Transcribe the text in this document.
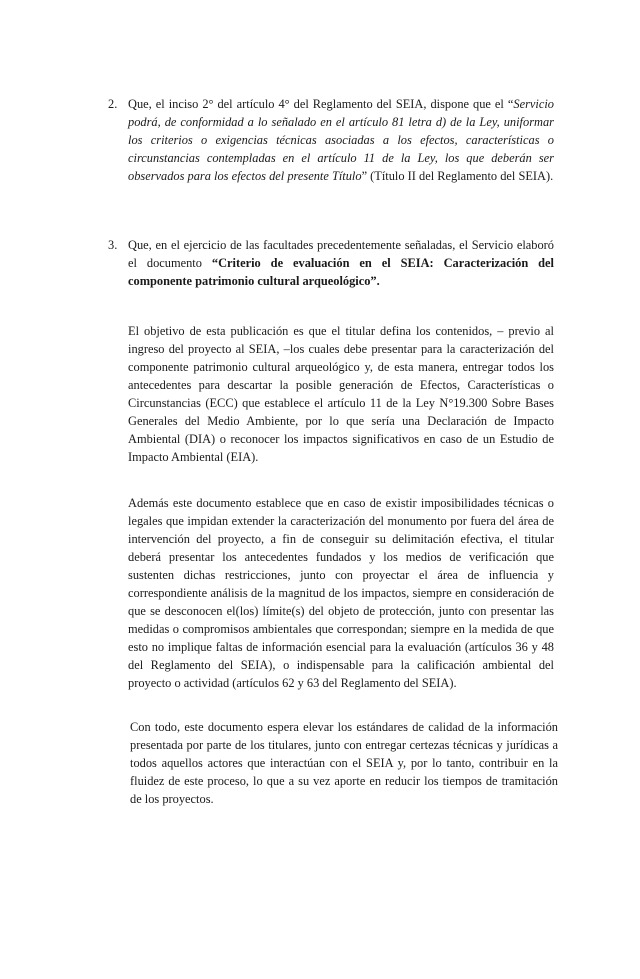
2. Que, el inciso 2° del artículo 4° del Reglamento del SEIA, dispone que el “Servicio podrá, de conformidad a lo señalado en el artículo 81 letra d) de la Ley, uniformar los criterios o exigencias técnicas asociadas a los efectos, características o circunstancias contempladas en el artículo 11 de la Ley, los que deberán ser observados para los efectos del presente Título” (Título II del Reglamento del SEIA).
3. Que, en el ejercicio de las facultades precedentemente señaladas, el Servicio elaboró el documento “Criterio de evaluación en el SEIA: Caracterización del componente patrimonio cultural arqueológico”.
El objetivo de esta publicación es que el titular defina los contenidos, – previo al ingreso del proyecto al SEIA, –los cuales debe presentar para la caracterización del componente patrimonio cultural arqueológico y, de esta manera, entregar todos los antecedentes para descartar la posible generación de Efectos, Características o Circunstancias (ECC) que establece el artículo 11 de la Ley N°19.300 Sobre Bases Generales del Medio Ambiente, por lo que sería una Declaración de Impacto Ambiental (DIA) o reconocer los impactos significativos en caso de un Estudio de Impacto Ambiental (EIA).
Además este documento establece que en caso de existir imposibilidades técnicas o legales que impidan extender la caracterización del monumento por fuera del área de intervención del proyecto, a fin de conseguir su delimitación efectiva, el titular deberá presentar los antecedentes fundados y los medios de verificación que sustenten dichas restricciones, junto con proyectar el área de influencia y correspondiente análisis de la magnitud de los impactos, siempre en consideración de que se desconocen el(los) límite(s) del objeto de protección, junto con presentar las medidas o compromisos ambientales que correspondan; siempre en la medida de que esto no implique faltas de información esencial para la evaluación (artículos 36 y 48 del Reglamento del SEIA), o indispensable para la calificación ambiental del proyecto o actividad (artículos 62 y 63 del Reglamento del SEIA).
Con todo, este documento espera elevar los estándares de calidad de la información presentada por parte de los titulares, junto con entregar certezas técnicas y jurídicas a todos aquellos actores que interactúan con el SEIA y, por lo tanto, contribuir en la fluidez de este proceso, lo que a su vez aporte en reducir los tiempos de tramitación de los proyectos.
